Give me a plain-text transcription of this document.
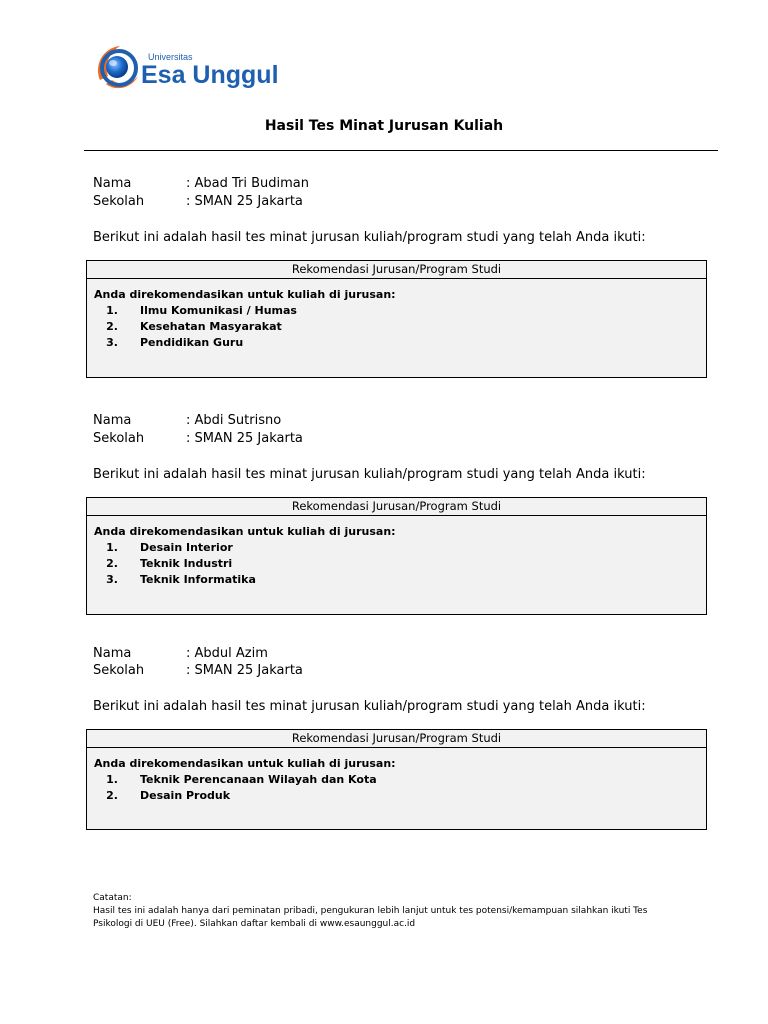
Universitas
Esa Unggul
Hasil Tes Minat Jurusan Kuliah
Nama	: Abad Tri Budiman
Sekolah	: SMAN 25 Jakarta
Berikut ini adalah hasil tes minat jurusan kuliah/program studi yang telah Anda ikuti:
Rekomendasi Jurusan/Program Studi
Anda direkomendasikan untuk kuliah di jurusan:
1. Ilmu Komunikasi / Humas
2. Kesehatan Masyarakat
3. Pendidikan Guru
Nama	: Abdi Sutrisno
Sekolah	: SMAN 25 Jakarta
Berikut ini adalah hasil tes minat jurusan kuliah/program studi yang telah Anda ikuti:
Rekomendasi Jurusan/Program Studi
Anda direkomendasikan untuk kuliah di jurusan:
1. Desain Interior
2. Teknik Industri
3. Teknik Informatika
Nama	: Abdul Azim
Sekolah	: SMAN 25 Jakarta
Berikut ini adalah hasil tes minat jurusan kuliah/program studi yang telah Anda ikuti:
Rekomendasi Jurusan/Program Studi
Anda direkomendasikan untuk kuliah di jurusan:
1. Teknik Perencanaan Wilayah dan Kota
2. Desain Produk
Catatan:
Hasil tes ini adalah hanya dari peminatan pribadi, pengukuran lebih lanjut untuk tes potensi/kemampuan silahkan ikuti Tes
Psikologi di UEU (Free). Silahkan daftar kembali di www.esaunggul.ac.id
